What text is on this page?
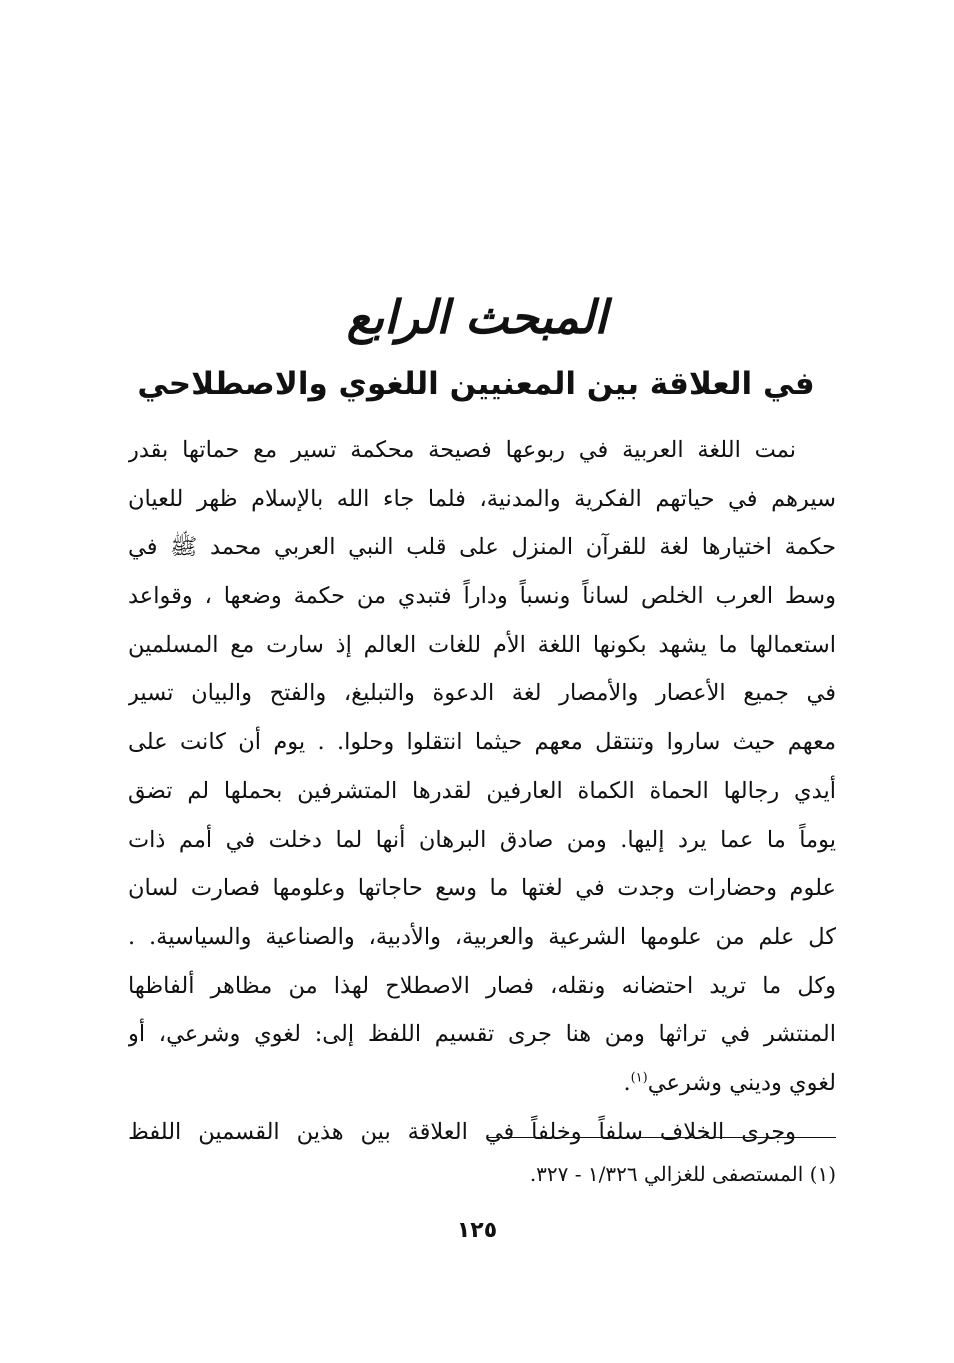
المبحث الرابع
في العلاقة بين المعنيين اللغوي والاصطلاحي
نمت اللغة العربية في ربوعها فصيحة محكمة تسير مع حماتها بقدر
سيرهم في حياتهم الفكرية والمدنية، فلما جاء الله بالإسلام ظهر للعيان
حكمة اختيارها لغة للقرآن المنزل على قلب النبي العربي محمد ﷺ في
وسط العرب الخلص لساناً ونسباً وداراً فتبدي من حكمة وضعها ، وقواعد
استعمالها ما يشهد بكونها اللغة الأم للغات العالم إذ سارت مع المسلمين
في جميع الأعصار والأمصار لغة الدعوة والتبليغ، والفتح والبيان تسير
معهم حيث ساروا وتنتقل معهم حيثما انتقلوا وحلوا. . يوم أن كانت على
أيدي رجالها الحماة الكماة العارفين لقدرها المتشرفين بحملها لم تضق
يوماً ما عما يرد إليها. ومن صادق البرهان أنها لما دخلت في أمم ذات
علوم وحضارات وجدت في لغتها ما وسع حاجاتها وعلومها فصارت لسان
كل علم من علومها الشرعية والعربية، والأدبية، والصناعية والسياسية. .
وكل ما تريد احتضانه ونقله، فصار الاصطلاح لهذا من مظاهر ألفاظها
المنتشر في تراثها ومن هنا جرى تقسيم اللفظ إلى: لغوي وشرعي، أو
لغوي وديني وشرعي$^{(١)}$.
وجرى الخلاف سلفاً وخلفاً في العلاقة بين هذين القسمين اللفظ
(١) المستصفى للغزالي ١/٣٢٦ - ٣٢٧.
١٢٥
